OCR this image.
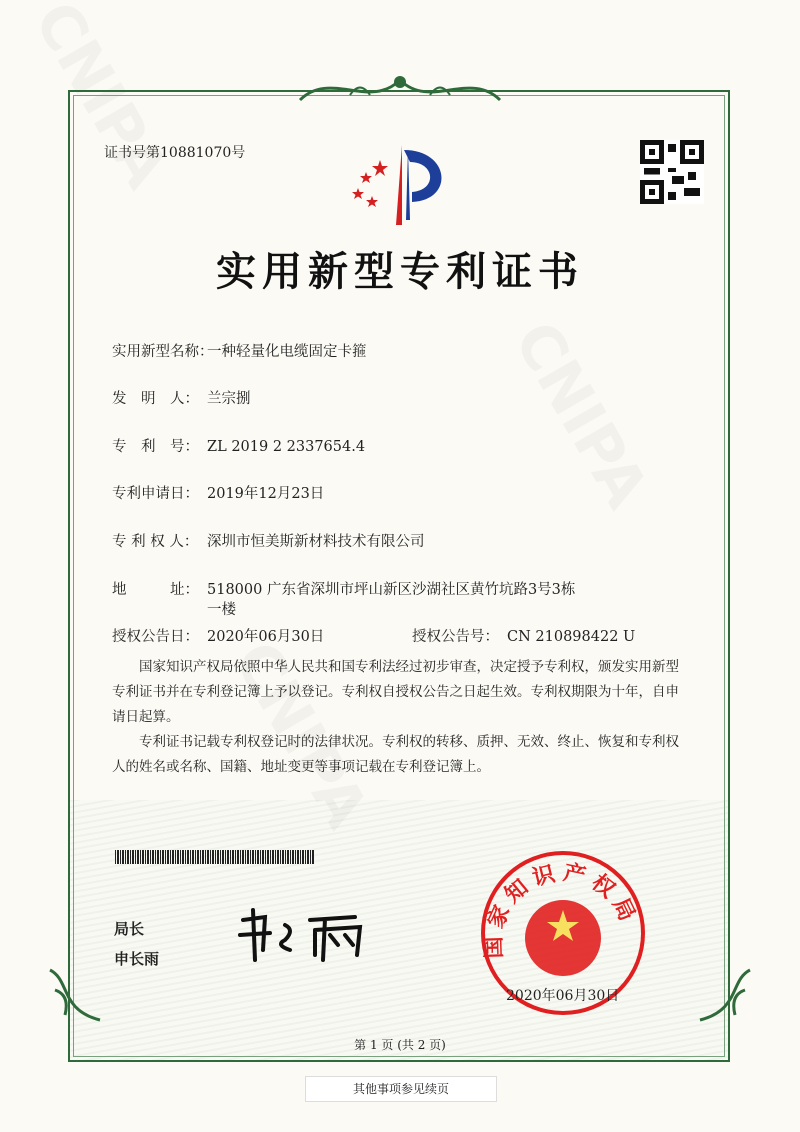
证书号第10881070号
实用新型专利证书
实用新型名称：一种轻量化电缆固定卡箍
发　明　人： 兰宗捌
专　利　号： ZL 2019 2 2337654.4
专利申请日： 2019年12月23日
专 利 权 人： 深圳市恒美斯新材料技术有限公司
地　　　址： 518000 广东省深圳市坪山新区沙湖社区黄竹坑路3号3栋
一楼
授权公告日： 2020年06月30日	授权公告号： CN 210898422 U
国家知识产权局依照中华人民共和国专利法经过初步审查，决定授予专利权，颁发实用新型专利证书并在专利登记簿上予以登记。专利权自授权公告之日起生效。专利权期限为十年，自申请日起算。
专利证书记载专利权登记时的法律状况。专利权的转移、质押、无效、终止、恢复和专利权人的姓名或名称、国籍、地址变更等事项记载在专利登记簿上。
局长
申长雨
国家知识产权局
2020年06月30日
第 1 页 (共 2 页)
其他事项参见续页
